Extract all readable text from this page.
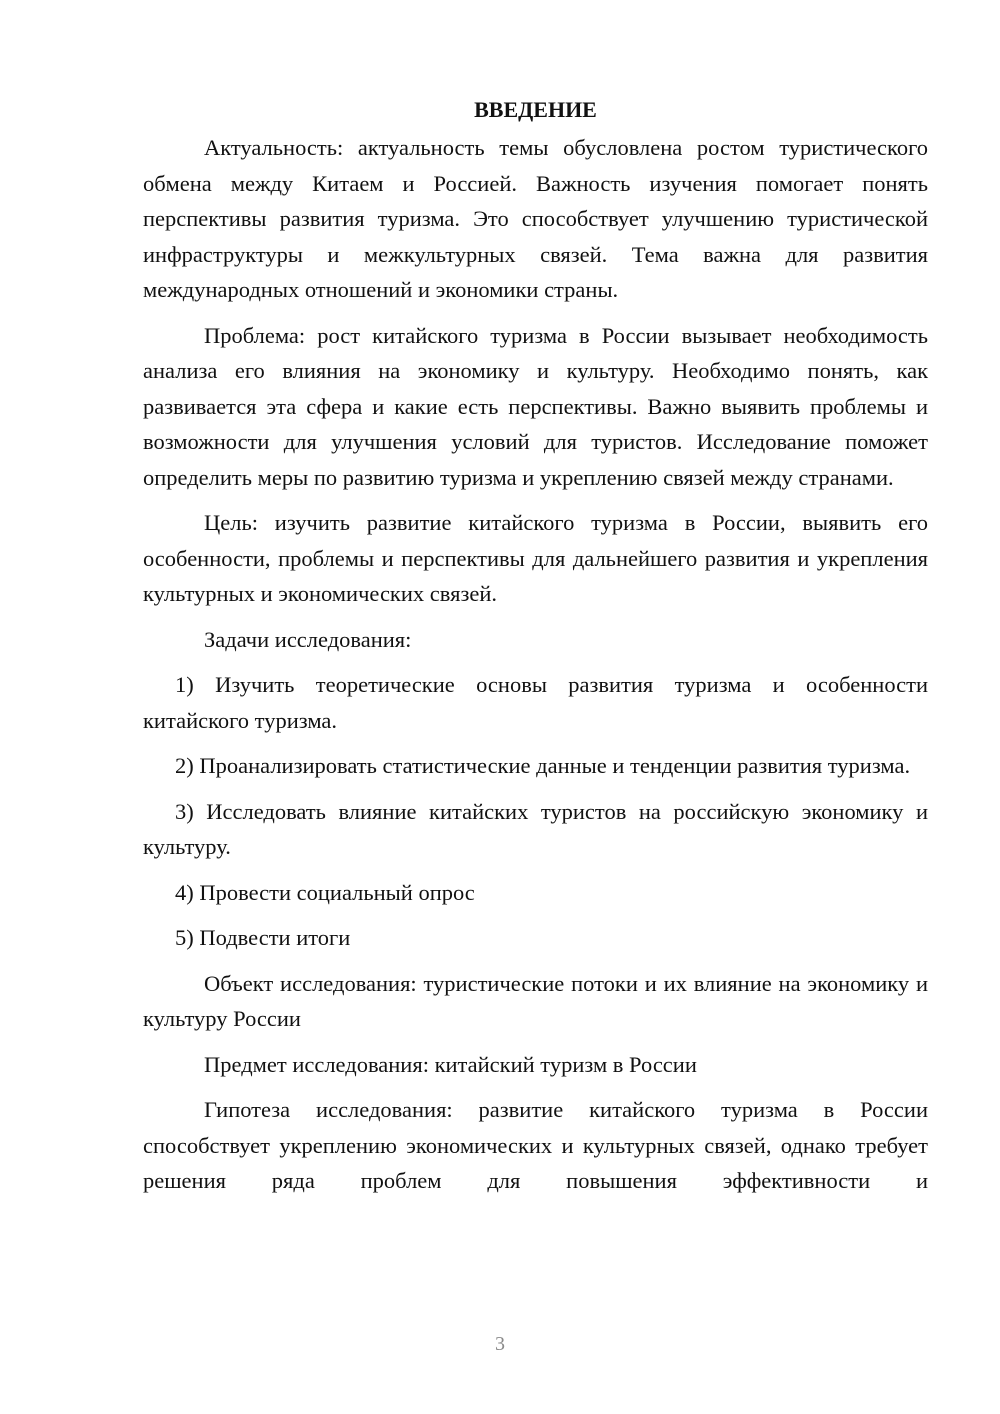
ВВЕДЕНИЕ

Актуальность: актуальность темы обусловлена ростом туристического обмена между Китаем и Россией. Важность изучения помогает понять перспективы развития туризма. Это способствует улучшению туристической инфраструктуры и межкультурных связей. Тема важна для развития международных отношений и экономики страны.

Проблема: рост китайского туризма в России вызывает необходимость анализа его влияния на экономику и культуру. Необходимо понять, как развивается эта сфера и какие есть перспективы. Важно выявить проблемы и возможности для улучшения условий для туристов. Исследование поможет определить меры по развитию туризма и укреплению связей между странами.

Цель: изучить развитие китайского туризма в России, выявить его особенности, проблемы и перспективы для дальнейшего развития и укрепления культурных и экономических связей.

Задачи исследования:

1) Изучить теоретические основы развития туризма и особенности китайского туризма.

2) Проанализировать статистические данные и тенденции развития туризма.

3) Исследовать влияние китайских туристов на российскую экономику и культуру.

4) Провести социальный опрос

5) Подвести итоги

Объект исследования: туристические потоки и их влияние на экономику и культуру России

Предмет исследования: китайский туризм в России

Гипотеза исследования: развитие китайского туризма в России способствует укреплению экономических и культурных связей, однако требует решения ряда проблем для повышения эффективности и

3
